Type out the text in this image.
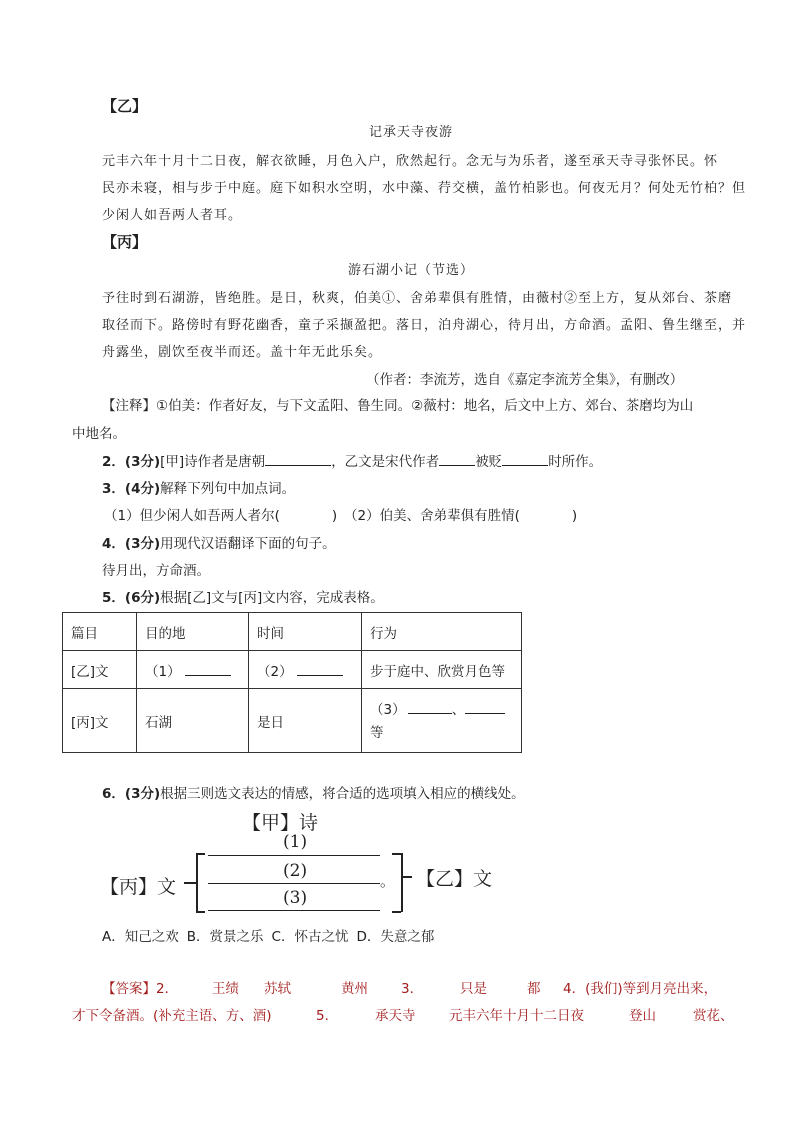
【乙】
记承天寺夜游
元丰六年十月十二日夜，解衣欲睡，月色入户，欣然起行。念无与为乐者，遂至承天寺寻张怀民。怀
民亦未寝，相与步于中庭。庭下如积水空明，水中藻、荇交横，盖竹柏影也。何夜无月？何处无竹柏？但
少闲人如吾两人者耳。
【丙】
游石湖小记（节选）
予往时到石湖游，皆绝胜。是日，秋爽，伯美①、舍弟辈俱有胜情，由薇村②至上方，复从郊台、茶磨
取径而下。路傍时有野花幽香，童子采撷盈把。落日，泊舟湖心，待月出，方命酒。孟阳、鲁生继至，并
舟露坐，剧饮至夜半而还。盖十年无此乐矣。
（作者：李流芳，选自《嘉定李流芳全集》，有删改）
【注释】①伯美：作者好友，与下文孟阳、鲁生同。②薇村：地名，后文中上方、郊台、茶磨均为山
中地名。
2．(3分)[甲]诗作者是唐朝	，乙文是宋代作者	被贬	时所作。
3．(4分)解释下列句中加点词。
（1）但少闲人如吾两人者尔(	) （2）伯美、舍弟辈俱有胜情(	)
4．(3分)用现代汉语翻译下面的句子。
待月出，方命酒。
5．(6分)根据[乙]文与[丙]文内容，完成表格。
篇目	目的地	时间	行为
[乙]文	（1）	（2）	步于庭中、欣赏月色等
[丙]文	石湖	是日	（3） 、
等
6．(3分)根据三则选文表达的情感，将合适的选项填入相应的横线处。
【甲】诗
【丙】文	【乙】文
(1)
(2)	。
(3)
A．知己之欢 B．赏景之乐 C．怀古之忧 D．失意之郁
【答案】2．	王绩 苏轼	黄州 3．	只是	都 4．(我们)等到月亮出来，
才下令备酒。(补充主语、方、酒)	5．	承天寺 元丰六年十月十二日夜	登山	赏花、
